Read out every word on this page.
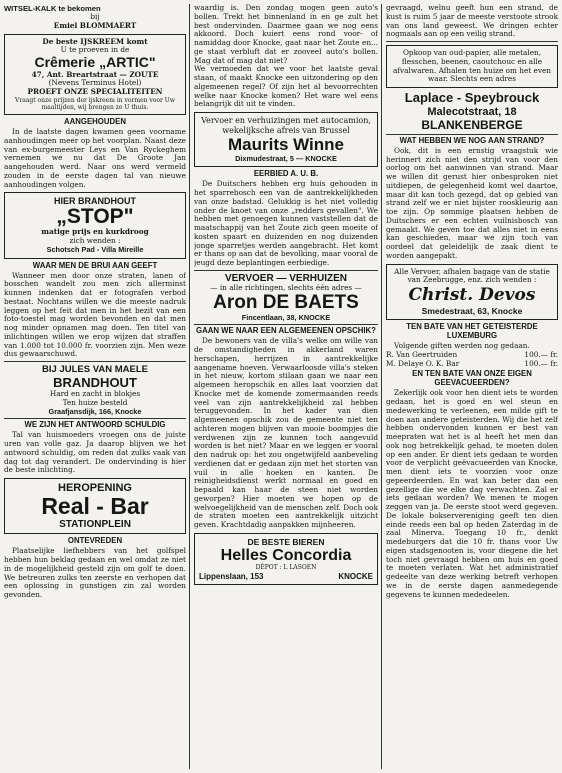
WITSEL-KALK te bekomen

bij

Emiel BLOMMAERT

De beste IJSKREEM komt

U te proeven in de

Crêmerie „ARTIC"

47, Ant. Breartstraat — ZOUTE

(Nevens Terminus Hotel)

PROEFT ONZE SPECIALITEITEN

Vraagt onze prijzen der ijskreem in vormen voor Uw maaltijden, wij brengen ze U thuis.

AANGEHOUDEN

In de laatste dagen kwamen geen voorname aanhoudingen meer op het voorplan. Naast deze van ex-burgemeester Leys en Van Ryckeghem vernemen we nu dat De Groote Jan aangehouden werd. Naar ons werd vermeld zouden in de eerste dagen tal van nieuwe aanhoudingen volgen.

HIER BRANDHOUT
„STOP"

matige prijs en kurkdroog

zich wenden :

Schotsch Pad - Villa Mireille

WAAR MEN DE BRUI AAN GEEFT

Wanneer men door onze straten, lanen of bosschen wandelt zou men zich allerminst kunnen indenken dat er fotografen verbod bestaat. Nochtans willen we die meeste nadruk leggen op het feit dat men in het bezit van een foto-toestel mag worden bevonden en dat men nog minder opnamen mag doen. Ten titel van inlichtingen willen we erop wijzen dat straffen van 1.000 tot 10.000 fr. voorzien zijn. Men weze dus gewaarschuwd.

BIJ JULES VAN MAELE
BRANDHOUT

Hard en zacht in blokjes

Ten huize besteld

Graafjansdijk, 166, Knocke

WE ZIJN HET ANTWOORD SCHULDIG

Tal van huismoeders vroegen ons de juiste uren van volle gaz. Ja daarop blijven we het antwoord schuldig, om reden dat zulks vaak van dag tot dag verandert. De ondervinding is hier de beste inlichting.

HEROPENING
Real - Bar
STATIONPLEIN
ONTEVREDEN

Plaatselijke liefhebbers van het golfspel hebben hun beklag gedaan en wel omdat ze niet in de mogelijkheid gesteld zijn om golf te doen. We betreuren zulks ten zeerste en verhopen dat een oplossing in gunstigen zin zal worden gevonden.

waardig is. Den zondag mogen geen auto's bollen. Trekt het binnenland in en ge zult het best ondervinden. Daarmee gaan we nog eens akkoord. Doch kuiert eens rond voor- of namiddag door Knocke, gaat naar het Zoute en... ge staat verbluft dat er zooveel auto's bollen. Mag dat of mag dat niet?
We vermoeden dat we voor het laatste geval staan, of maakt Knocke een uitzondering op den algemeenen regel? Of zijn het al bevoorrechten welke naar Knocke komen? Het ware wel eens belangrijk dit uit te vinden.

Vervoer en verhuizingen met autocamion, wekelijksche afreis van Brussel

Maurits Winne

Dixmudestraat, 5 — KNOCKE

EERBIED A. U. B.

De Duitschers hebben erg huis gehouden in het sparrebosch een van de aantrekkelijkheden van onze badstad. Gelukkig is het niet volledig onder de knoet van onze „redders gevallen". We hebben met genoegen kunnen vaststellen dat de maatschappij van het Zoute zich geen moeite of kosten spaart en duizenden en nog duizenden jonge sparretjes werden aangebracht. Het komt er thans op aan dat de bevolking, maar vooral de jeugd deze beplantingen eerbiedige.

VERVOER — VERHUIZEN

— in alle richtingen, slechts één adres —

Aron DE BAETS

Fincentlaan, 38, KNOCKE

GAAN WE NAAR EEN ALGEMEENEN OPSCHIK?

De bewoners van de villa's welke om wille van de omstandigheden in akkerland waren herschapen, herrijzen in aantrekkelijke aangename hoeven. Verwaarloosde villa's steken in het nieuw, kortom stilaan gaan we naar een algemeen heropschik en alles laat voorzien dat Knocke met de komende zomermaanden reeds veel van zijn aantrekkelijkheid zal hebben teruggevonden. In het kader van dien algemeenen opschik zou de gemeente niet ten achteren mogen blijven van mooie boompjes die verdwenen zijn ze kunnen toch aangevuld worden is het niet? Maar en we leggen er vooral den nadruk op: het zou ongetwijfeld aanbeveling verdienen dat er gedaan zijn met het storten van vuil in alle hoeken en kanten. De reinigheidsdienst werkt normaal en goed en bepaald kan haar de steen niet worden geworpen? Hier moeten we hopen op de welvoegelijkheid van de menschen zelf. Doch ook de straten moeten een aantrekkelijk uitzicht geven. Krachtdadig aanpakken mijnheeren.

DE BESTE BIEREN
Helles Concordia

DÉPOT : L LASOEN

Lippenslaan, 153	KNOCKE

gevraagd, welnu geeft hun een strand, de kust is ruim 5 jaar de meeste verstoote strook van ons land geweest. We dringen echter nogmaals aan op een veilig strand.

Opkoop van oud-papier, alle metalen, flesschen, beenen, caoutchouc en alle afvalwaren. Afhalen ten huize om het even waar. Slechts een adres

Laplace - Speybrouck
Malecotstraat, 18
BLANKENBERGE
WAT HEBBEN WE NOG AAN STRAND?

Ook, dit is een ernstig vraagstuk wie herinnert zich niet den strijd van voor den oorlog om het aanwinnen van strand. Maar we willen dit gerust hier onbesproken niet uitdiepen, de gelegenheid komt wel daartoe, maar dit kan toch gezegd, dat op gebied van strand zelf we er niet bijster rooskleurig aan toe zijn. Op sommige plaatsen hebben de Duitschers er een echten vuilnisbosch van gemaakt. We geven toe dat alles niet in eens kan geschieden, maar we zijn toch van oordeel dat geleidelijk de zaak dient te worden aangepakt.

Alle Vervoer, afhalen bagage van de statie van Zeebrugge, enz. zich wenden :

Christ. Devos

Smedestraat, 63, Knocke

TEN BATE VAN HET GETEISTERDE LUXEMBURG

Volgende giften werden nog gedaan.

R. Van Geertruiden	100.— fr.
M. Delaye O. K. Bar	100.— fr.
EN TEN BATE VAN ONZE EIGEN GEEVACUEERDEN?

Zekerlijk ook voor hen dient iets te worden gedaan, het is goed en wel steun en medewerking te verleenen, een milde gift te doen aan andere geteisterden. Wij die het zelf hebben ondervonden kunnen er best van meepraten wat het is al heeft het men dan ook nog betrekkelijk gehad, te moeten dolen op een ander. Er dient iets gedaan te worden voor de verplicht geëvacueerden van Knocke, men dient iets te voorzien voor onze gepeerdeerden. En wat kan beter dan een gezellige die we elke dag verwachten. Zal er iets gedaan worden? We menen te mogen zeggen van ja. De eerste stoot werd gegeven. De lokale bokservereniging geeft ten dien einde reeds een bal op heden Zaterdag in de zaal Minerva. Toegang 10 fr., denkt medeburgers dat die 10 fr. thans voor Uw eigen stadsgenooten is, voor diegene die het toch niet gevraagd hebben om huis en goed te moeten verlaten. Wat het administratief gedeelte van deze werking betreft verhopen we in de eerste dagen aanmedegende gegevens te kunnen mededeelen.
